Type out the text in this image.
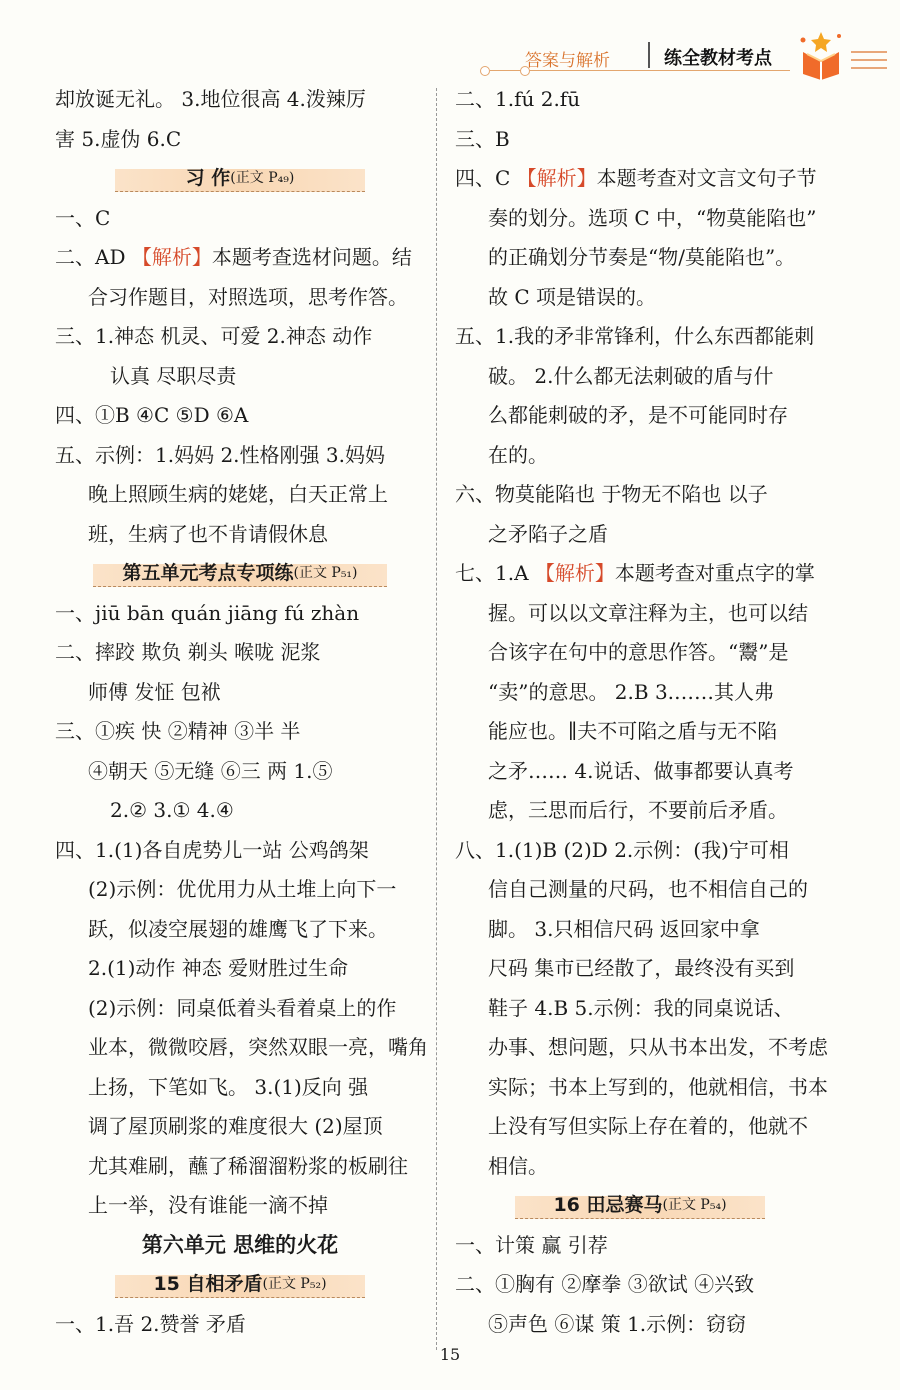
答案与解析	练全教材考点
却放诞无礼。 3.地位很高 4.泼辣厉
害 5.虚伪 6.C
习 作 (正文 P₄₉)
一、C
二、AD 【解析】本题考查选材问题。结
合习作题目，对照选项，思考作答。
三、1.神态 机灵、可爱 2.神态 动作
认真 尽职尽责
四、①B ④C ⑤D ⑥A
五、示例：1.妈妈 2.性格刚强 3.妈妈
晚上照顾生病的姥姥，白天正常上
班，生病了也不肯请假休息
第五单元考点专项练 (正文 P₅₁)
一、jiū bān quán jiāng fú zhàn
二、摔跤 欺负 剃头 喉咙 泥浆
师傅 发怔 包袱
三、①疾 快 ②精神 ③半 半
④朝天 ⑤无缝 ⑥三 两 1.⑤
2.② 3.① 4.④
四、1.(1)各自虎势儿一站 公鸡鸽架
(2)示例：优优用力从土堆上向下一
跃，似凌空展翅的雄鹰飞了下来。
2.(1)动作 神态 爱财胜过生命
(2)示例：同桌低着头看着桌上的作
业本，微微咬唇，突然双眼一亮，嘴角
上扬，下笔如飞。 3.(1)反向 强
调了屋顶刷浆的难度很大 (2)屋顶
尤其难刷，蘸了稀溜溜粉浆的板刷往
上一举，没有谁能一滴不掉
第六单元 思维的火花
15 自相矛盾 (正文 P₅₂)
一、1.吾 2.赞誉 矛盾
二、1.fú 2.fū
三、B
四、C 【解析】本题考查对文言文句子节
奏的划分。选项 C 中，“物莫能陷也”
的正确划分节奏是“物/莫能陷也”。
故 C 项是错误的。
五、1.我的矛非常锋利，什么东西都能刺
破。 2.什么都无法刺破的盾与什
么都能刺破的矛，是不可能同时存
在的。
六、物莫能陷也 于物无不陷也 以子
之矛陷子之盾
七、1.A 【解析】本题考查对重点字的掌
握。可以以文章注释为主，也可以结
合该字在句中的意思作答。“鬻”是
“卖”的意思。 2.B 3.……其人弗
能应也。∥夫不可陷之盾与无不陷
之矛…… 4.说话、做事都要认真考
虑，三思而后行，不要前后矛盾。
八、1.(1)B (2)D 2.示例：(我)宁可相
信自己测量的尺码，也不相信自己的
脚。 3.只相信尺码 返回家中拿
尺码 集市已经散了，最终没有买到
鞋子 4.B 5.示例：我的同桌说话、
办事、想问题，只从书本出发，不考虑
实际；书本上写到的，他就相信，书本
上没有写但实际上存在着的，他就不
相信。
16 田忌赛马 (正文 P₅₄)
一、计策 赢 引荐
二、①胸有 ②摩拳 ③欲试 ④兴致
⑤声色 ⑥谋 策 1.示例：窃窃
15
